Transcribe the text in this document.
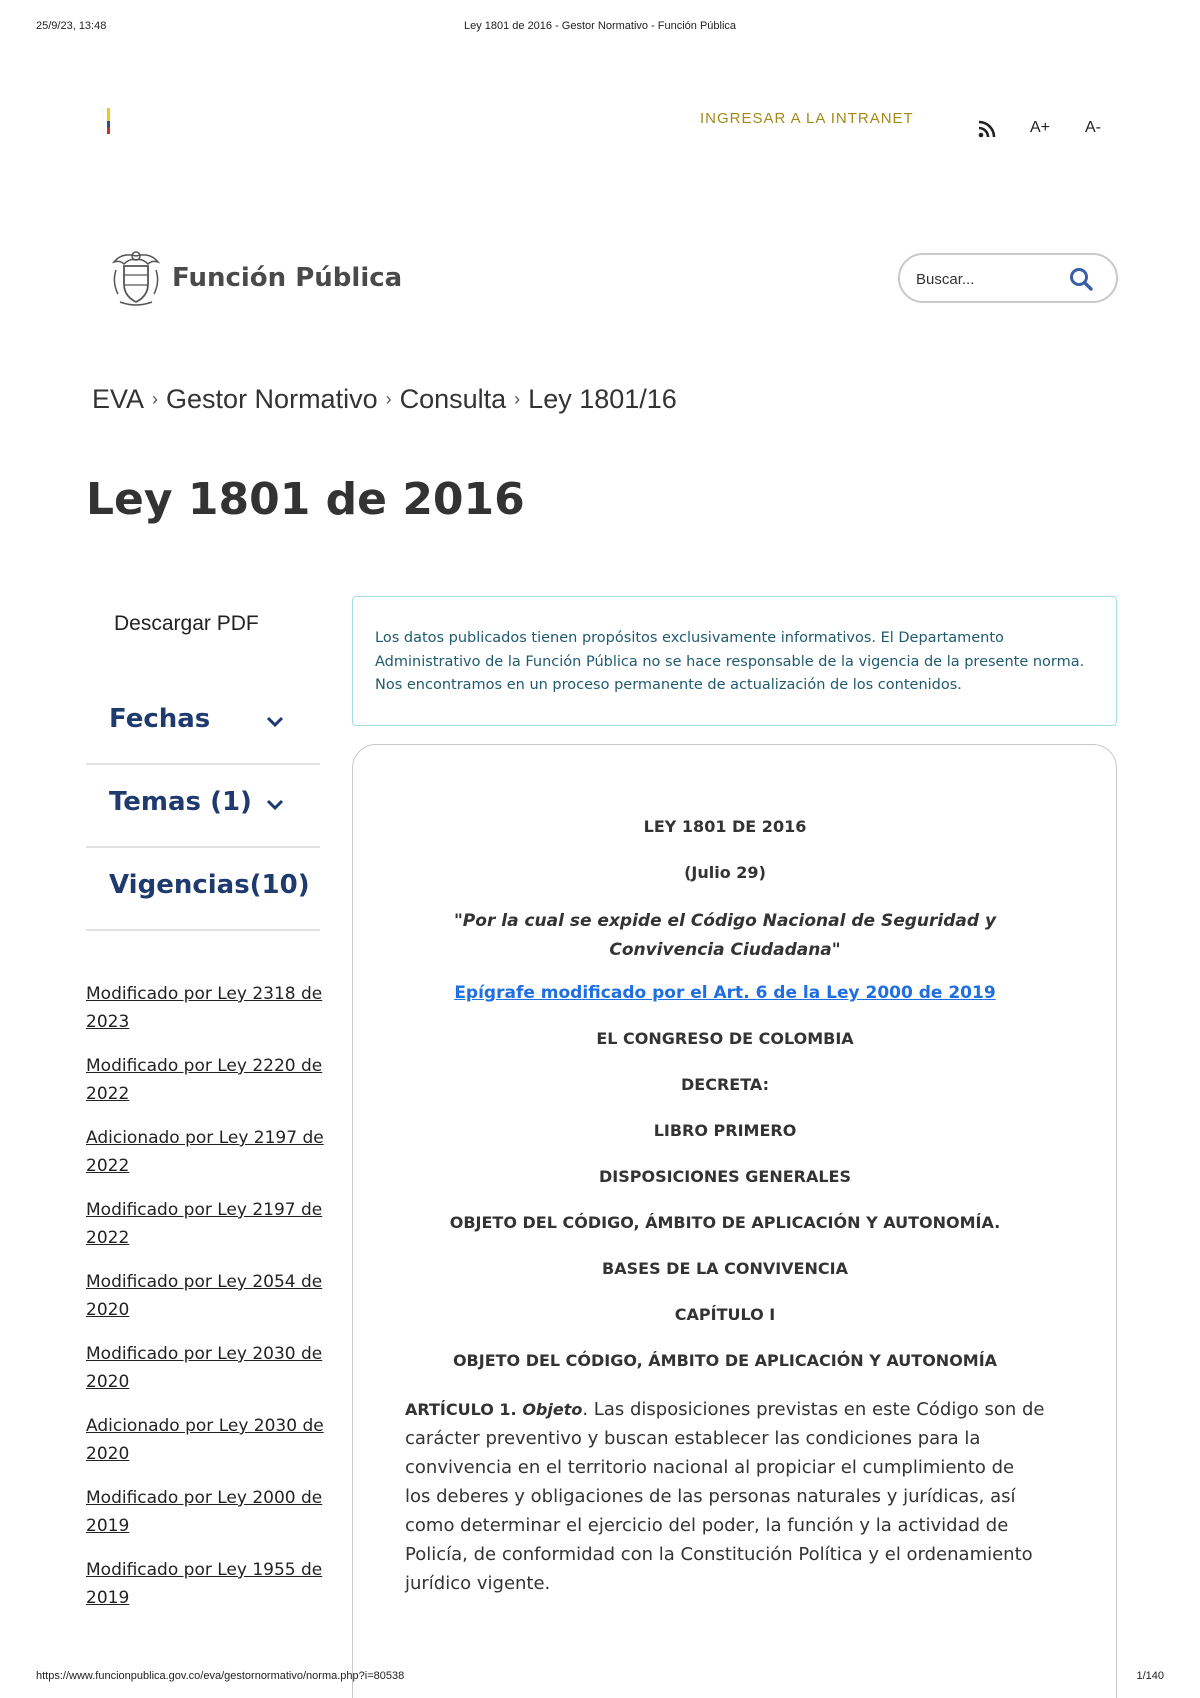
25/9/23, 13:48	Ley 1801 de 2016 - Gestor Normativo - Función Pública
INGRESAR A LA INTRANET
A+ A-
Función Pública
Buscar...
EVA › Gestor Normativo › Consulta › Ley 1801/16
Ley 1801 de 2016
Descargar PDF
Fechas
Temas (1)
Vigencias(10)
Modificado por Ley 2318 de 2023
Modificado por Ley 2220 de 2022
Adicionado por Ley 2197 de 2022
Modificado por Ley 2197 de 2022
Modificado por Ley 2054 de 2020
Modificado por Ley 2030 de 2020
Adicionado por Ley 2030 de 2020
Modificado por Ley 2000 de 2019
Modificado por Ley 1955 de 2019
Los datos publicados tienen propósitos exclusivamente informativos. El Departamento Administrativo de la Función Pública no se hace responsable de la vigencia de la presente norma. Nos encontramos en un proceso permanente de actualización de los contenidos.

LEY 1801 DE 2016

(Julio 29)

"Por la cual se expide el Código Nacional de Seguridad y Convivencia Ciudadana"

Epígrafe modificado por el Art. 6 de la Ley 2000 de 2019

EL CONGRESO DE COLOMBIA

DECRETA:

LIBRO PRIMERO

DISPOSICIONES GENERALES

OBJETO DEL CÓDIGO, ÁMBITO DE APLICACIÓN Y AUTONOMÍA.

BASES DE LA CONVIVENCIA

CAPÍTULO I

OBJETO DEL CÓDIGO, ÁMBITO DE APLICACIÓN Y AUTONOMÍA

ARTÍCULO 1. Objeto. Las disposiciones previstas en este Código son de carácter preventivo y buscan establecer las condiciones para la convivencia en el territorio nacional al propiciar el cumplimiento de los deberes y obligaciones de las personas naturales y jurídicas, así como determinar el ejercicio del poder, la función y la actividad de Policía, de conformidad con la Constitución Política y el ordenamiento jurídico vigente.

https://www.funcionpublica.gov.co/eva/gestornormativo/norma.php?i=80538	1/140
